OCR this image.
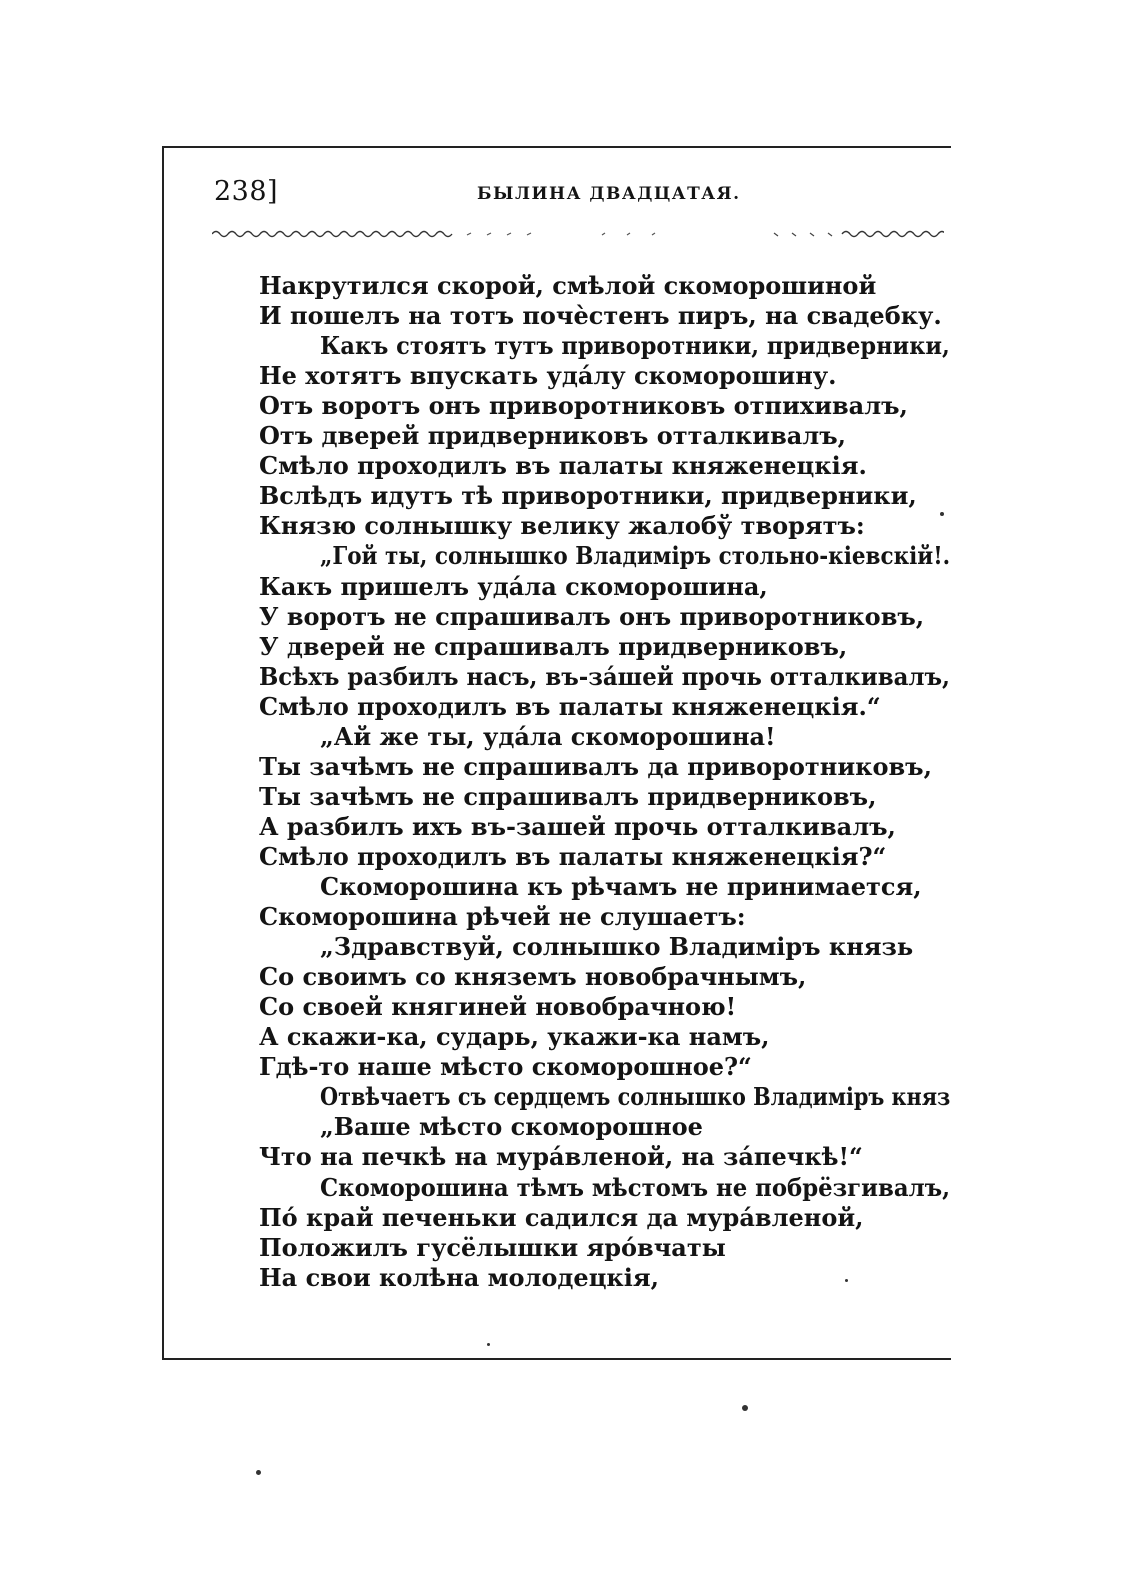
238]	БЫЛИНА ДВАДЦАТАЯ.
Накрутился скорой, смѣлой скоморошиной
И пошелъ на тотъ почѐстенъ пиръ, на свадебку.
Какъ стоятъ тутъ приворотники, придверники,
Не хотятъ впускать удáлу скоморошину.
Отъ воротъ онъ приворотниковъ отпихивалъ,
Отъ дверей придверниковъ отталкивалъ,
Смѣло проходилъ въ палаты княженецкія.
Вслѣдъ идутъ тѣ приворотники, придверники,
Князю солнышку велику жалобў творятъ:
„Гой ты, солнышко Владиміръ стольно-кіевскій!.
Какъ пришелъ удáла скоморошина,
У воротъ не спрашивалъ онъ приворотниковъ,
У дверей не спрашивалъ придверниковъ,
Всѣхъ разбилъ насъ, въ-зáшей прочь отталкивалъ,
Смѣло проходилъ въ палаты княженецкія.“
„Ай же ты, удáла скоморошина!
Ты зачѣмъ не спрашивалъ да приворотниковъ,
Ты зачѣмъ не спрашивалъ придверниковъ,
А разбилъ ихъ въ-зашей прочь отталкивалъ,
Смѣло проходилъ въ палаты княженецкія?“
Скоморошина къ рѣчамъ не принимается,
Скоморошина рѣчей не слушаетъ:
„Здравствуй, солнышко Владиміръ князь
Со своимъ со княземъ новобрачнымъ,
Со своей княгиней новобрачною!
А скажи-ка, сударь, укажи-ка намъ,
Гдѣ-то наше мѣсто скоморошное?“
Отвѣчаетъ съ сердцемъ солнышко Владиміръ княз
„Ваше мѣсто скоморошное
Что на печкѣ на мурáвленой, на зáпечкѣ!“
Скоморошина тѣмъ мѣстомъ не побрёзгивалъ,
Пó край печеньки садился да мурáвленой,
Положилъ гусёлышки ярóвчаты
На свои колѣна молодецкія,
